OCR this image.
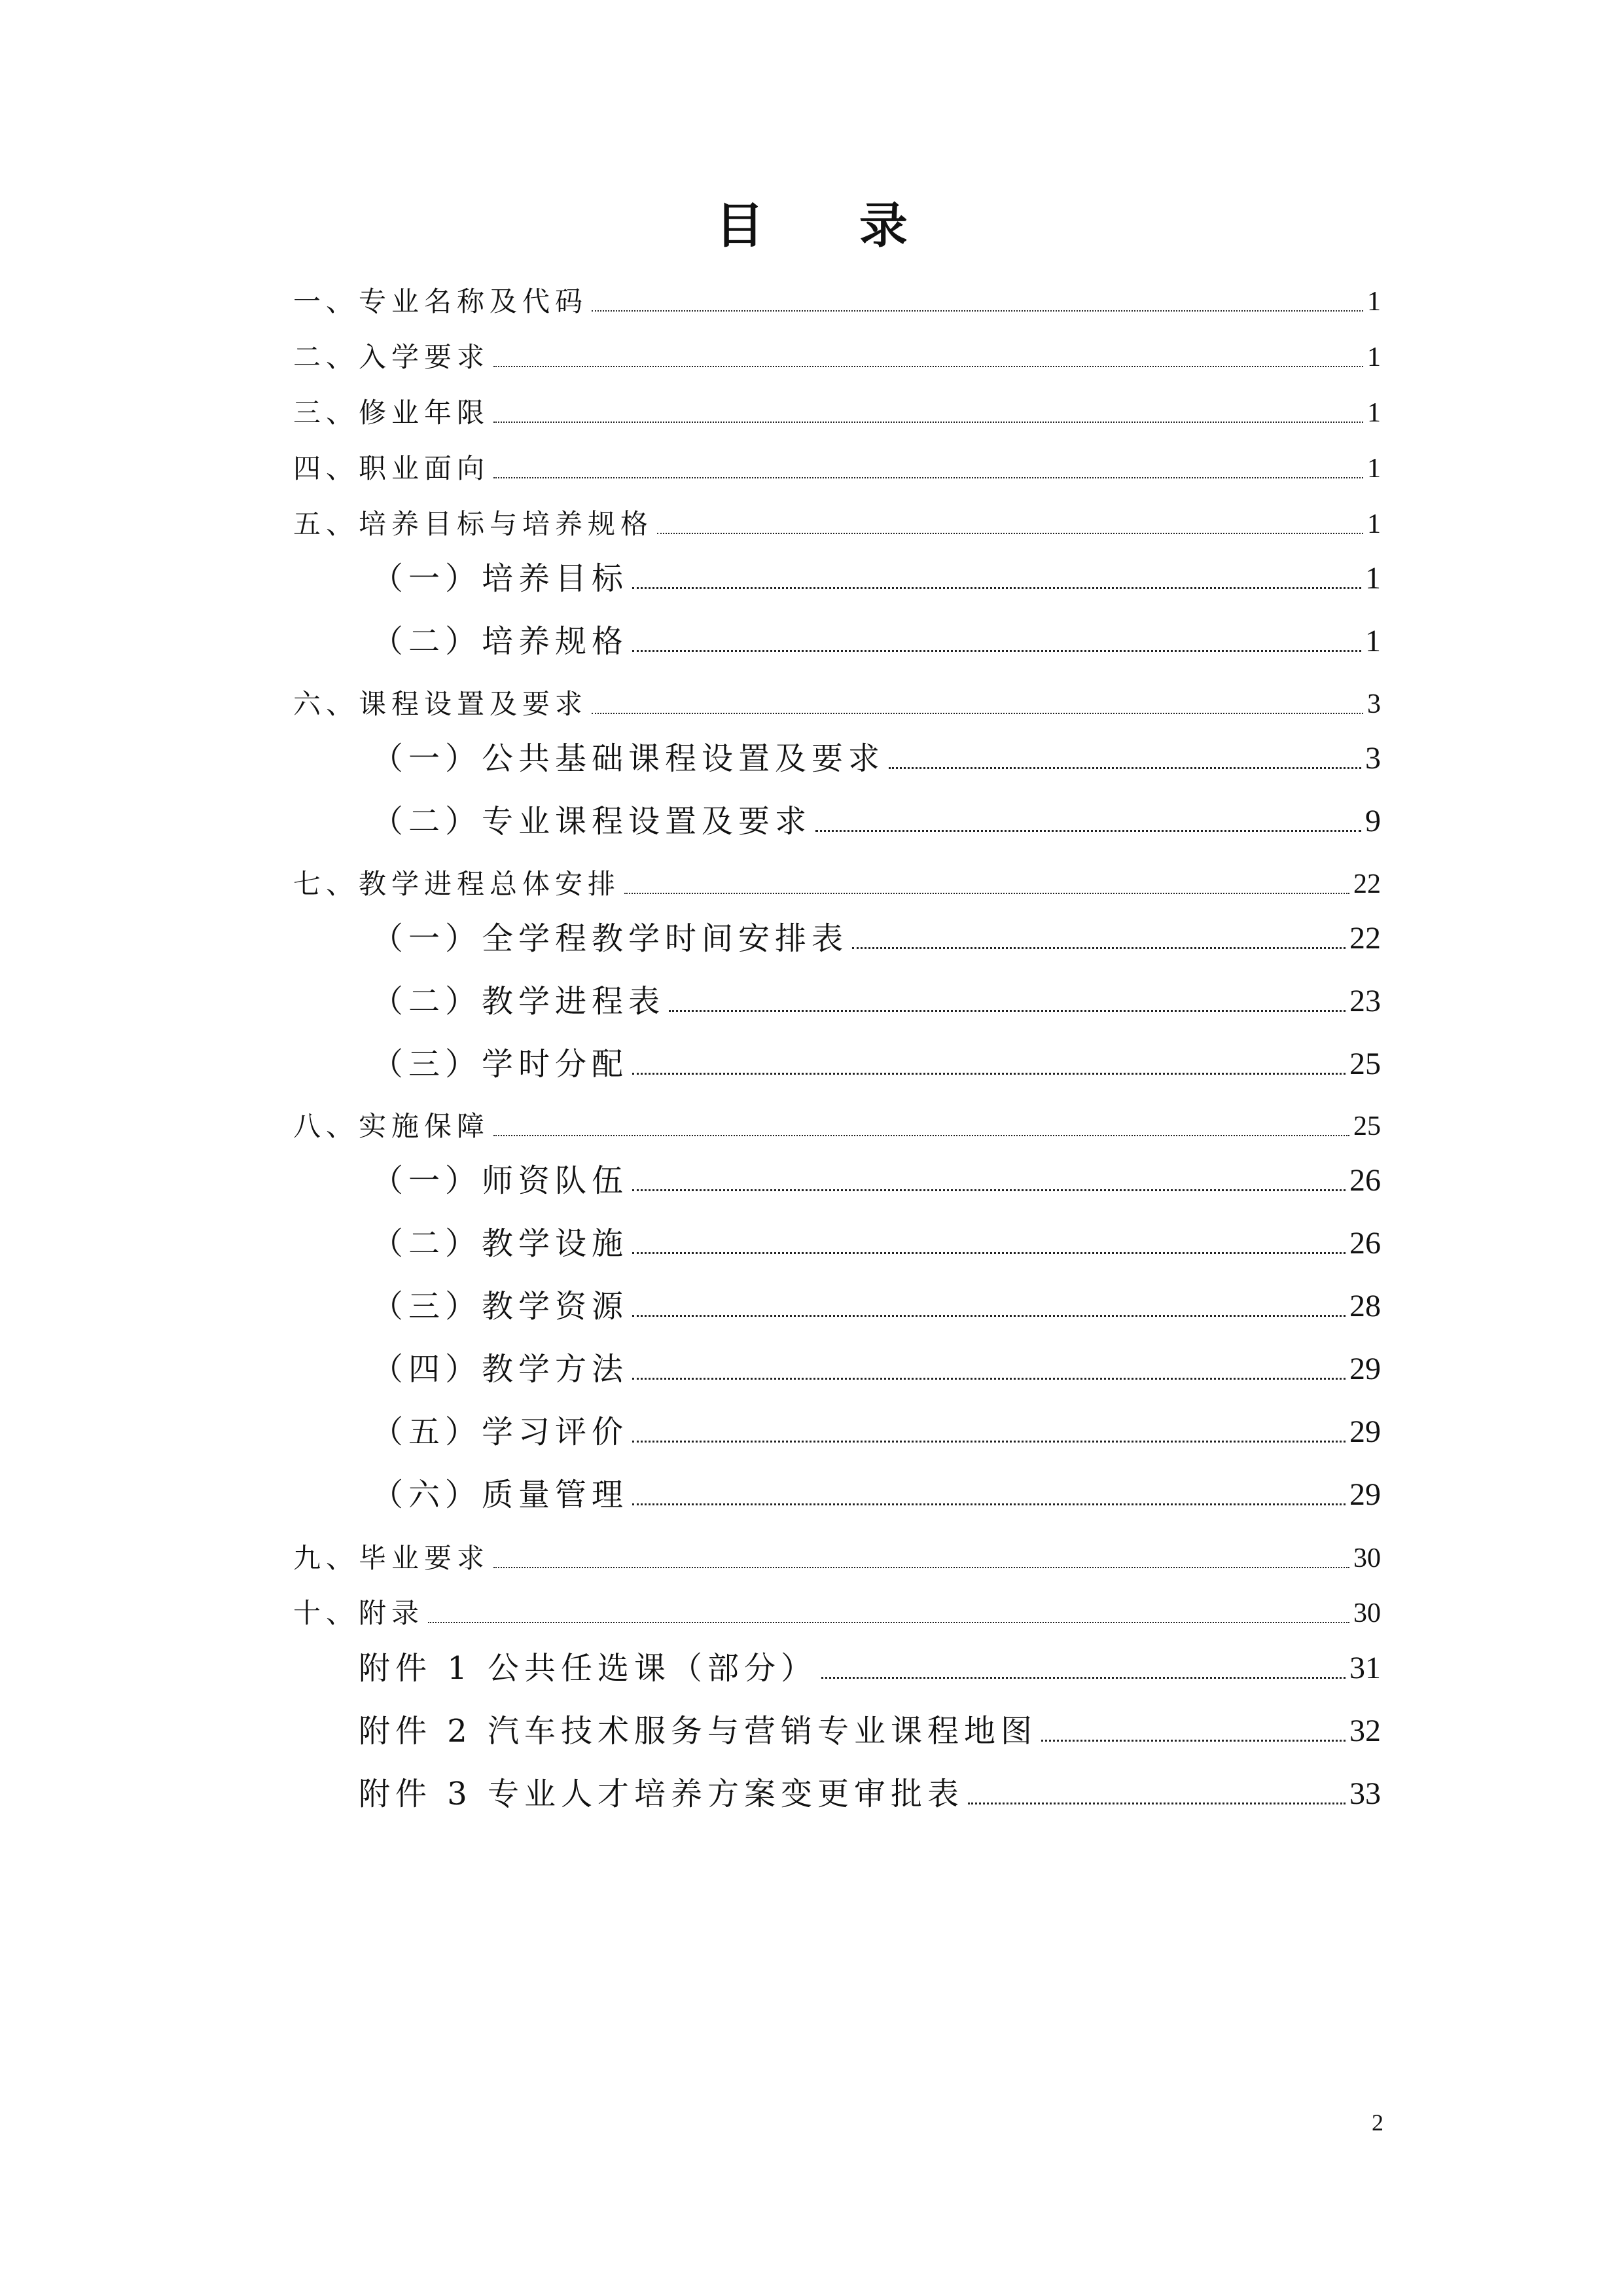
目 录
一、专业名称及代码	1
二、入学要求	1
三、修业年限	1
四、职业面向	1
五、培养目标与培养规格	1
（一）培养目标	1
（二）培养规格	1
六、课程设置及要求	3
（一）公共基础课程设置及要求	3
（二）专业课程设置及要求	9
七、教学进程总体安排	22
（一）全学程教学时间安排表	22
（二）教学进程表	23
（三）学时分配	25
八、实施保障	25
（一）师资队伍	26
（二）教学设施	26
（三）教学资源	28
（四）教学方法	29
（五）学习评价	29
（六）质量管理	29
九、毕业要求	30
十、附录	30
附件 1 公共任选课（部分）	31
附件 2 汽车技术服务与营销专业课程地图	32
附件 3 专业人才培养方案变更审批表	33
2
